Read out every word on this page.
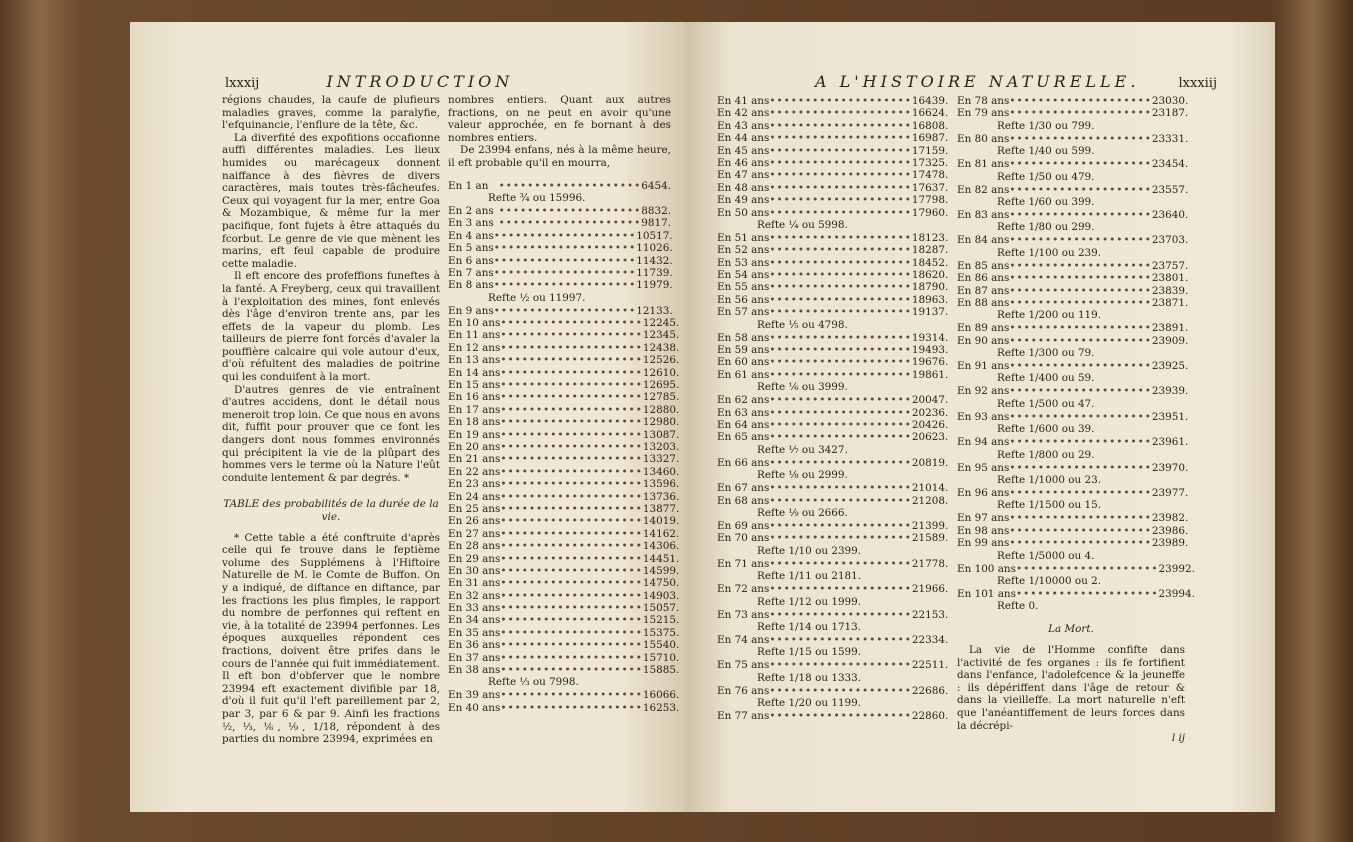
lxxxij	INTRODUCTION

régions chaudes, la caufe de plufieurs maladies graves, comme la paralyfie, l'efquinancie, l'enflure de la tête, &c.

La diverfité des expofitions occafionne auffi différentes maladies. Les lieux humides ou marécageux donnent naiffance à des fièvres de divers caractères, mais toutes très-fâcheufes. Ceux qui voyagent fur la mer, entre Goa & Mozambique, & même fur la mer pacifique, font fujets à être attaqués du fcorbut. Le genre de vie que mènent les marins, eft feul capable de produire cette maladie.

Il eft encore des profeffions funeftes à la fanté. A Freyberg, ceux qui travaillent à l'exploitation des mines, font enlevés dès l'âge d'environ trente ans, par les effets de la vapeur du plomb. Les tailleurs de pierre font forcés d'avaler la pouffière calcaire qui vole autour d'eux, d'où réfultent des maladies de poitrine qui les conduifent à la mort.

D'autres genres de vie entraînent d'autres accidens, dont le détail nous meneroit trop loin. Ce que nous en avons dit, fuffit pour prouver que ce font les dangers dont nous fommes environnés qui précipitent la vie de la plûpart des hommes vers le terme où la Nature l'eût conduite lentement & par degrés. *

TABLE des probabilités de la durée de la vie.

* Cette table a été conftruite d'après celle qui fe trouve dans le feptième volume des Supplémens à l'Hiftoire Naturelle de M. le Comte de Buffon. On y a indiqué, de diftance en diftance, par les fractions les plus fimples, le rapport du nombre de perfonnes qui reftent en vie, à la totalité de 23994 perfonnes. Les époques auxquelles répondent ces fractions, doivent être prifes dans le cours de l'année qui fuit immédiatement. Il eft bon d'obferver que le nombre 23994 eft exactement divifible par 18, d'où il fuit qu'il l'eft pareillement par 2, par 3, par 6 & par 9. Ainfi les fractions ½, ⅓, ⅙, ⅑, 1/18, répondent à des parties du nombre 23994, exprimées en

nombres entiers. Quant aux autres fractions, on ne peut en avoir qu'une valeur approchée, en fe bornant à des nombres entiers.

De 23994 enfans, nés à la même heure, il eft probable qu'il en mourra,

En 1 an •••••••••••••••••••• 6454.
Refte ¾ ou 15996.
En 2 ans •••••••••••••••••••• 8832.
En 3 ans •••••••••••••••••••• 9817.
En 4 ans •••••••••••••••••••• 10517.
En 5 ans •••••••••••••••••••• 11026.
En 6 ans •••••••••••••••••••• 11432.
En 7 ans •••••••••••••••••••• 11739.
En 8 ans •••••••••••••••••••• 11979.
Refte ½ ou 11997.
En 9 ans •••••••••••••••••••• 12133.
En 10 ans •••••••••••••••••••• 12245.
En 11 ans •••••••••••••••••••• 12345.
En 12 ans •••••••••••••••••••• 12438.
En 13 ans •••••••••••••••••••• 12526.
En 14 ans •••••••••••••••••••• 12610.
En 15 ans •••••••••••••••••••• 12695.
En 16 ans •••••••••••••••••••• 12785.
En 17 ans •••••••••••••••••••• 12880.
En 18 ans •••••••••••••••••••• 12980.
En 19 ans •••••••••••••••••••• 13087.
En 20 ans •••••••••••••••••••• 13203.
En 21 ans •••••••••••••••••••• 13327.
En 22 ans •••••••••••••••••••• 13460.
En 23 ans •••••••••••••••••••• 13596.
En 24 ans •••••••••••••••••••• 13736.
En 25 ans •••••••••••••••••••• 13877.
En 26 ans •••••••••••••••••••• 14019.
En 27 ans •••••••••••••••••••• 14162.
En 28 ans •••••••••••••••••••• 14306.
En 29 ans •••••••••••••••••••• 14451.
En 30 ans •••••••••••••••••••• 14599.
En 31 ans •••••••••••••••••••• 14750.
En 32 ans •••••••••••••••••••• 14903.
En 33 ans •••••••••••••••••••• 15057.
En 34 ans •••••••••••••••••••• 15215.
En 35 ans •••••••••••••••••••• 15375.
En 36 ans •••••••••••••••••••• 15540.
En 37 ans •••••••••••••••••••• 15710.
En 38 ans •••••••••••••••••••• 15885.
Refte ⅓ ou 7998.
En 39 ans •••••••••••••••••••• 16066.
En 40 ans •••••••••••••••••••• 16253.
A L'HISTOIRE NATURELLE.	lxxxiij
En 41 ans •••••••••••••••••••• 16439.
En 42 ans •••••••••••••••••••• 16624.
En 43 ans •••••••••••••••••••• 16808.
En 44 ans •••••••••••••••••••• 16987.
En 45 ans •••••••••••••••••••• 17159.
En 46 ans •••••••••••••••••••• 17325.
En 47 ans •••••••••••••••••••• 17478.
En 48 ans •••••••••••••••••••• 17637.
En 49 ans •••••••••••••••••••• 17798.
En 50 ans •••••••••••••••••••• 17960.
Refte ¼ ou 5998.
En 51 ans •••••••••••••••••••• 18123.
En 52 ans •••••••••••••••••••• 18287.
En 53 ans •••••••••••••••••••• 18452.
En 54 ans •••••••••••••••••••• 18620.
En 55 ans •••••••••••••••••••• 18790.
En 56 ans •••••••••••••••••••• 18963.
En 57 ans •••••••••••••••••••• 19137.
Refte ⅕ ou 4798.
En 58 ans •••••••••••••••••••• 19314.
En 59 ans •••••••••••••••••••• 19493.
En 60 ans •••••••••••••••••••• 19676.
En 61 ans •••••••••••••••••••• 19861.
Refte ⅙ ou 3999.
En 62 ans •••••••••••••••••••• 20047.
En 63 ans •••••••••••••••••••• 20236.
En 64 ans •••••••••••••••••••• 20426.
En 65 ans •••••••••••••••••••• 20623.
Refte ⅐ ou 3427.
En 66 ans •••••••••••••••••••• 20819.
Refte ⅛ ou 2999.
En 67 ans •••••••••••••••••••• 21014.
En 68 ans •••••••••••••••••••• 21208.
Refte ⅑ ou 2666.
En 69 ans •••••••••••••••••••• 21399.
En 70 ans •••••••••••••••••••• 21589.
Refte 1/10 ou 2399.
En 71 ans •••••••••••••••••••• 21778.
Refte 1/11 ou 2181.
En 72 ans •••••••••••••••••••• 21966.
Refte 1/12 ou 1999.
En 73 ans •••••••••••••••••••• 22153.
Refte 1/14 ou 1713.
En 74 ans •••••••••••••••••••• 22334.
Refte 1/15 ou 1599.
En 75 ans •••••••••••••••••••• 22511.
Refte 1/18 ou 1333.
En 76 ans •••••••••••••••••••• 22686.
Refte 1/20 ou 1199.
En 77 ans •••••••••••••••••••• 22860.
En 78 ans •••••••••••••••••••• 23030.
En 79 ans •••••••••••••••••••• 23187.
Refte 1/30 ou 799.
En 80 ans •••••••••••••••••••• 23331.
Refte 1/40 ou 599.
En 81 ans •••••••••••••••••••• 23454.
Refte 1/50 ou 479.
En 82 ans •••••••••••••••••••• 23557.
Refte 1/60 ou 399.
En 83 ans •••••••••••••••••••• 23640.
Refte 1/80 ou 299.
En 84 ans •••••••••••••••••••• 23703.
Refte 1/100 ou 239.
En 85 ans •••••••••••••••••••• 23757.
En 86 ans •••••••••••••••••••• 23801.
En 87 ans •••••••••••••••••••• 23839.
En 88 ans •••••••••••••••••••• 23871.
Refte 1/200 ou 119.
En 89 ans •••••••••••••••••••• 23891.
En 90 ans •••••••••••••••••••• 23909.
Refte 1/300 ou 79.
En 91 ans •••••••••••••••••••• 23925.
Refte 1/400 ou 59.
En 92 ans •••••••••••••••••••• 23939.
Refte 1/500 ou 47.
En 93 ans •••••••••••••••••••• 23951.
Refte 1/600 ou 39.
En 94 ans •••••••••••••••••••• 23961.
Refte 1/800 ou 29.
En 95 ans •••••••••••••••••••• 23970.
Refte 1/1000 ou 23.
En 96 ans •••••••••••••••••••• 23977.
Refte 1/1500 ou 15.
En 97 ans •••••••••••••••••••• 23982.
En 98 ans •••••••••••••••••••• 23986.
En 99 ans •••••••••••••••••••• 23989.
Refte 1/5000 ou 4.
En 100 ans •••••••••••••••••••• 23992.
Refte 1/10000 ou 2.
En 101 ans •••••••••••••••••••• 23994.
Refte 0.
La Mort.

La vie de l'Homme confifte dans l'activité de fes organes : ils fe fortifient dans l'enfance, l'adolefcence & la jeuneffe : ils dépériffent dans l'âge de retour & dans la vieilleffe. La mort naturelle n'eft que l'anéantiffement de leurs forces dans la décrépi-

l ij
